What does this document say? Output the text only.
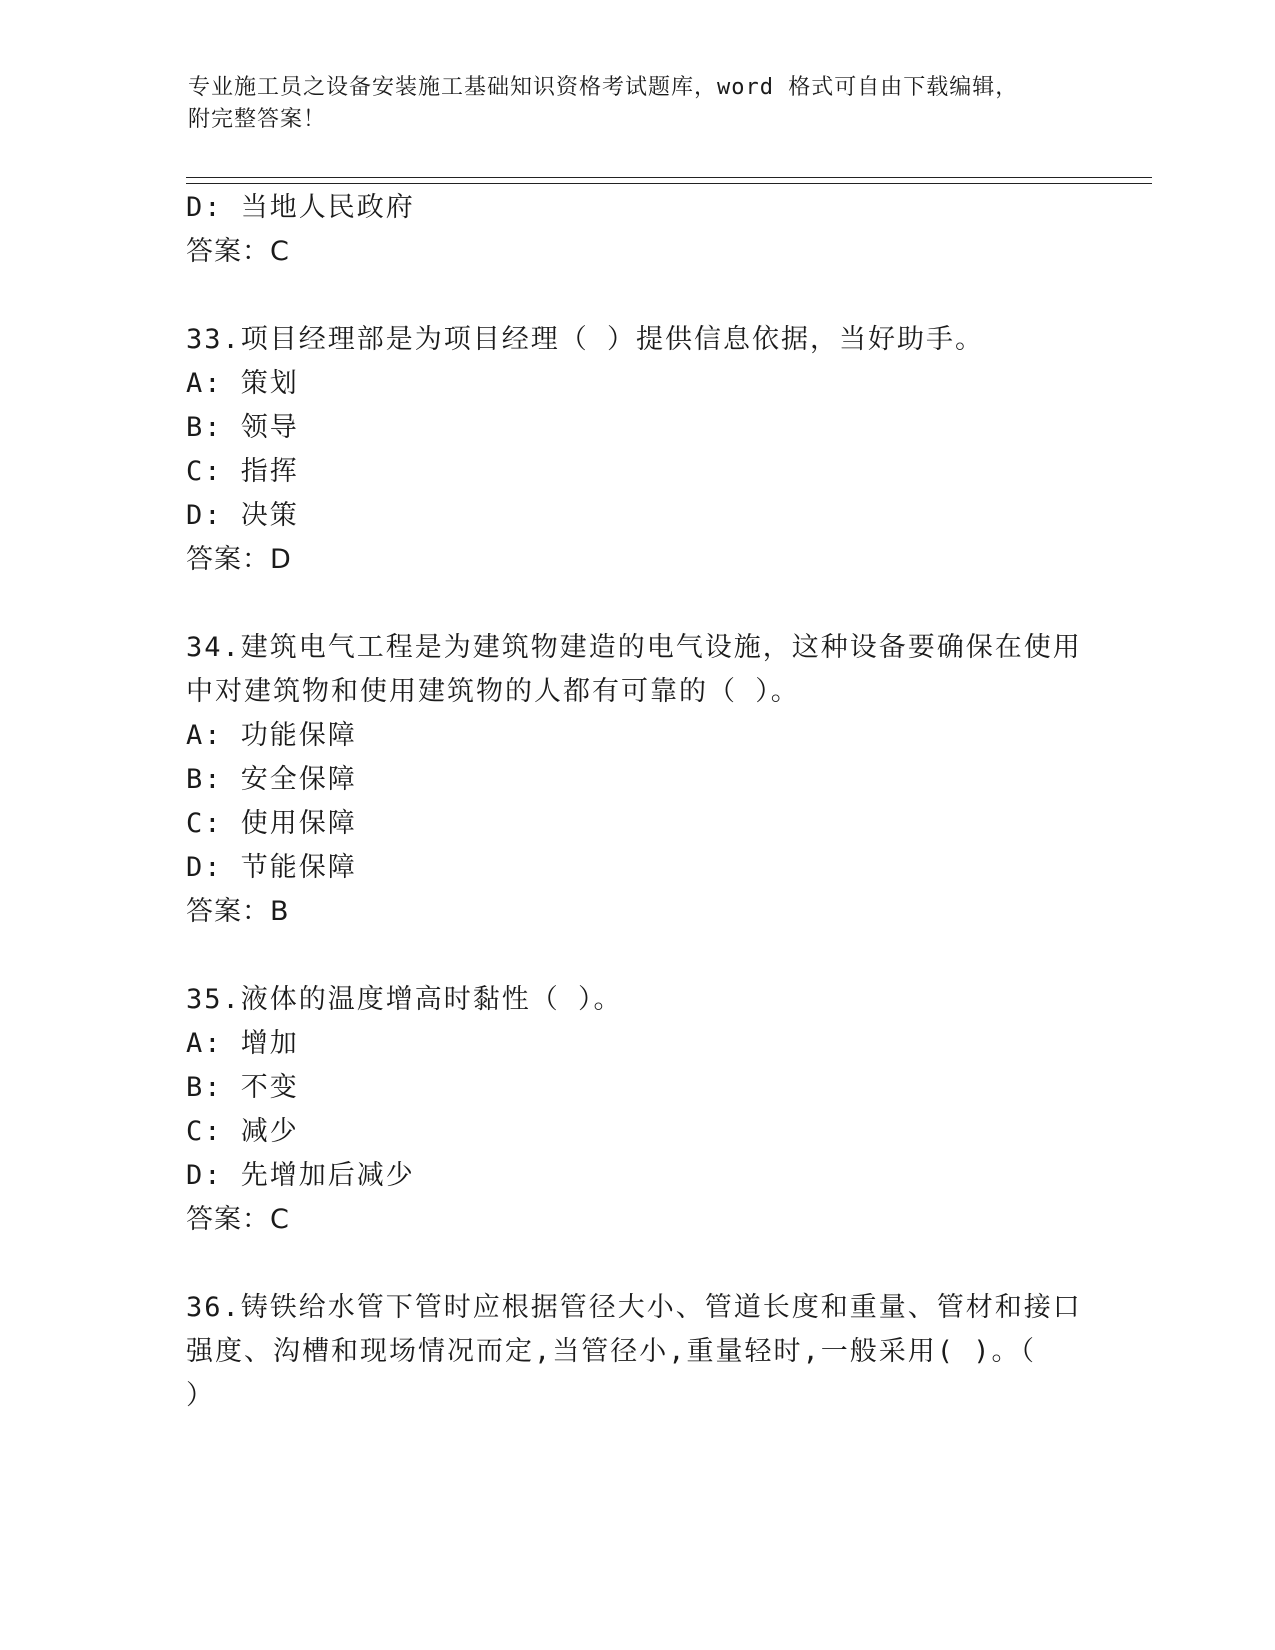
专业施工员之设备安装施工基础知识资格考试题库，word 格式可自由下载编辑，
附完整答案！
D: 当地人民政府
答案：C
33.项目经理部是为项目经理（ ）提供信息依据，当好助手。
A: 策划
B: 领导
C: 指挥
D: 决策
答案：D
34.建筑电气工程是为建筑物建造的电气设施，这种设备要确保在使用
中对建筑物和使用建筑物的人都有可靠的（ ）。
A: 功能保障
B: 安全保障
C: 使用保障
D: 节能保障
答案：B
35.液体的温度增高时黏性（ ）。
A: 增加
B: 不变
C: 减少
D: 先增加后减少
答案：C
36.铸铁给水管下管时应根据管径大小、管道长度和重量、管材和接口
强度、沟槽和现场情况而定,当管径小,重量轻时,一般采用( )。（
）
